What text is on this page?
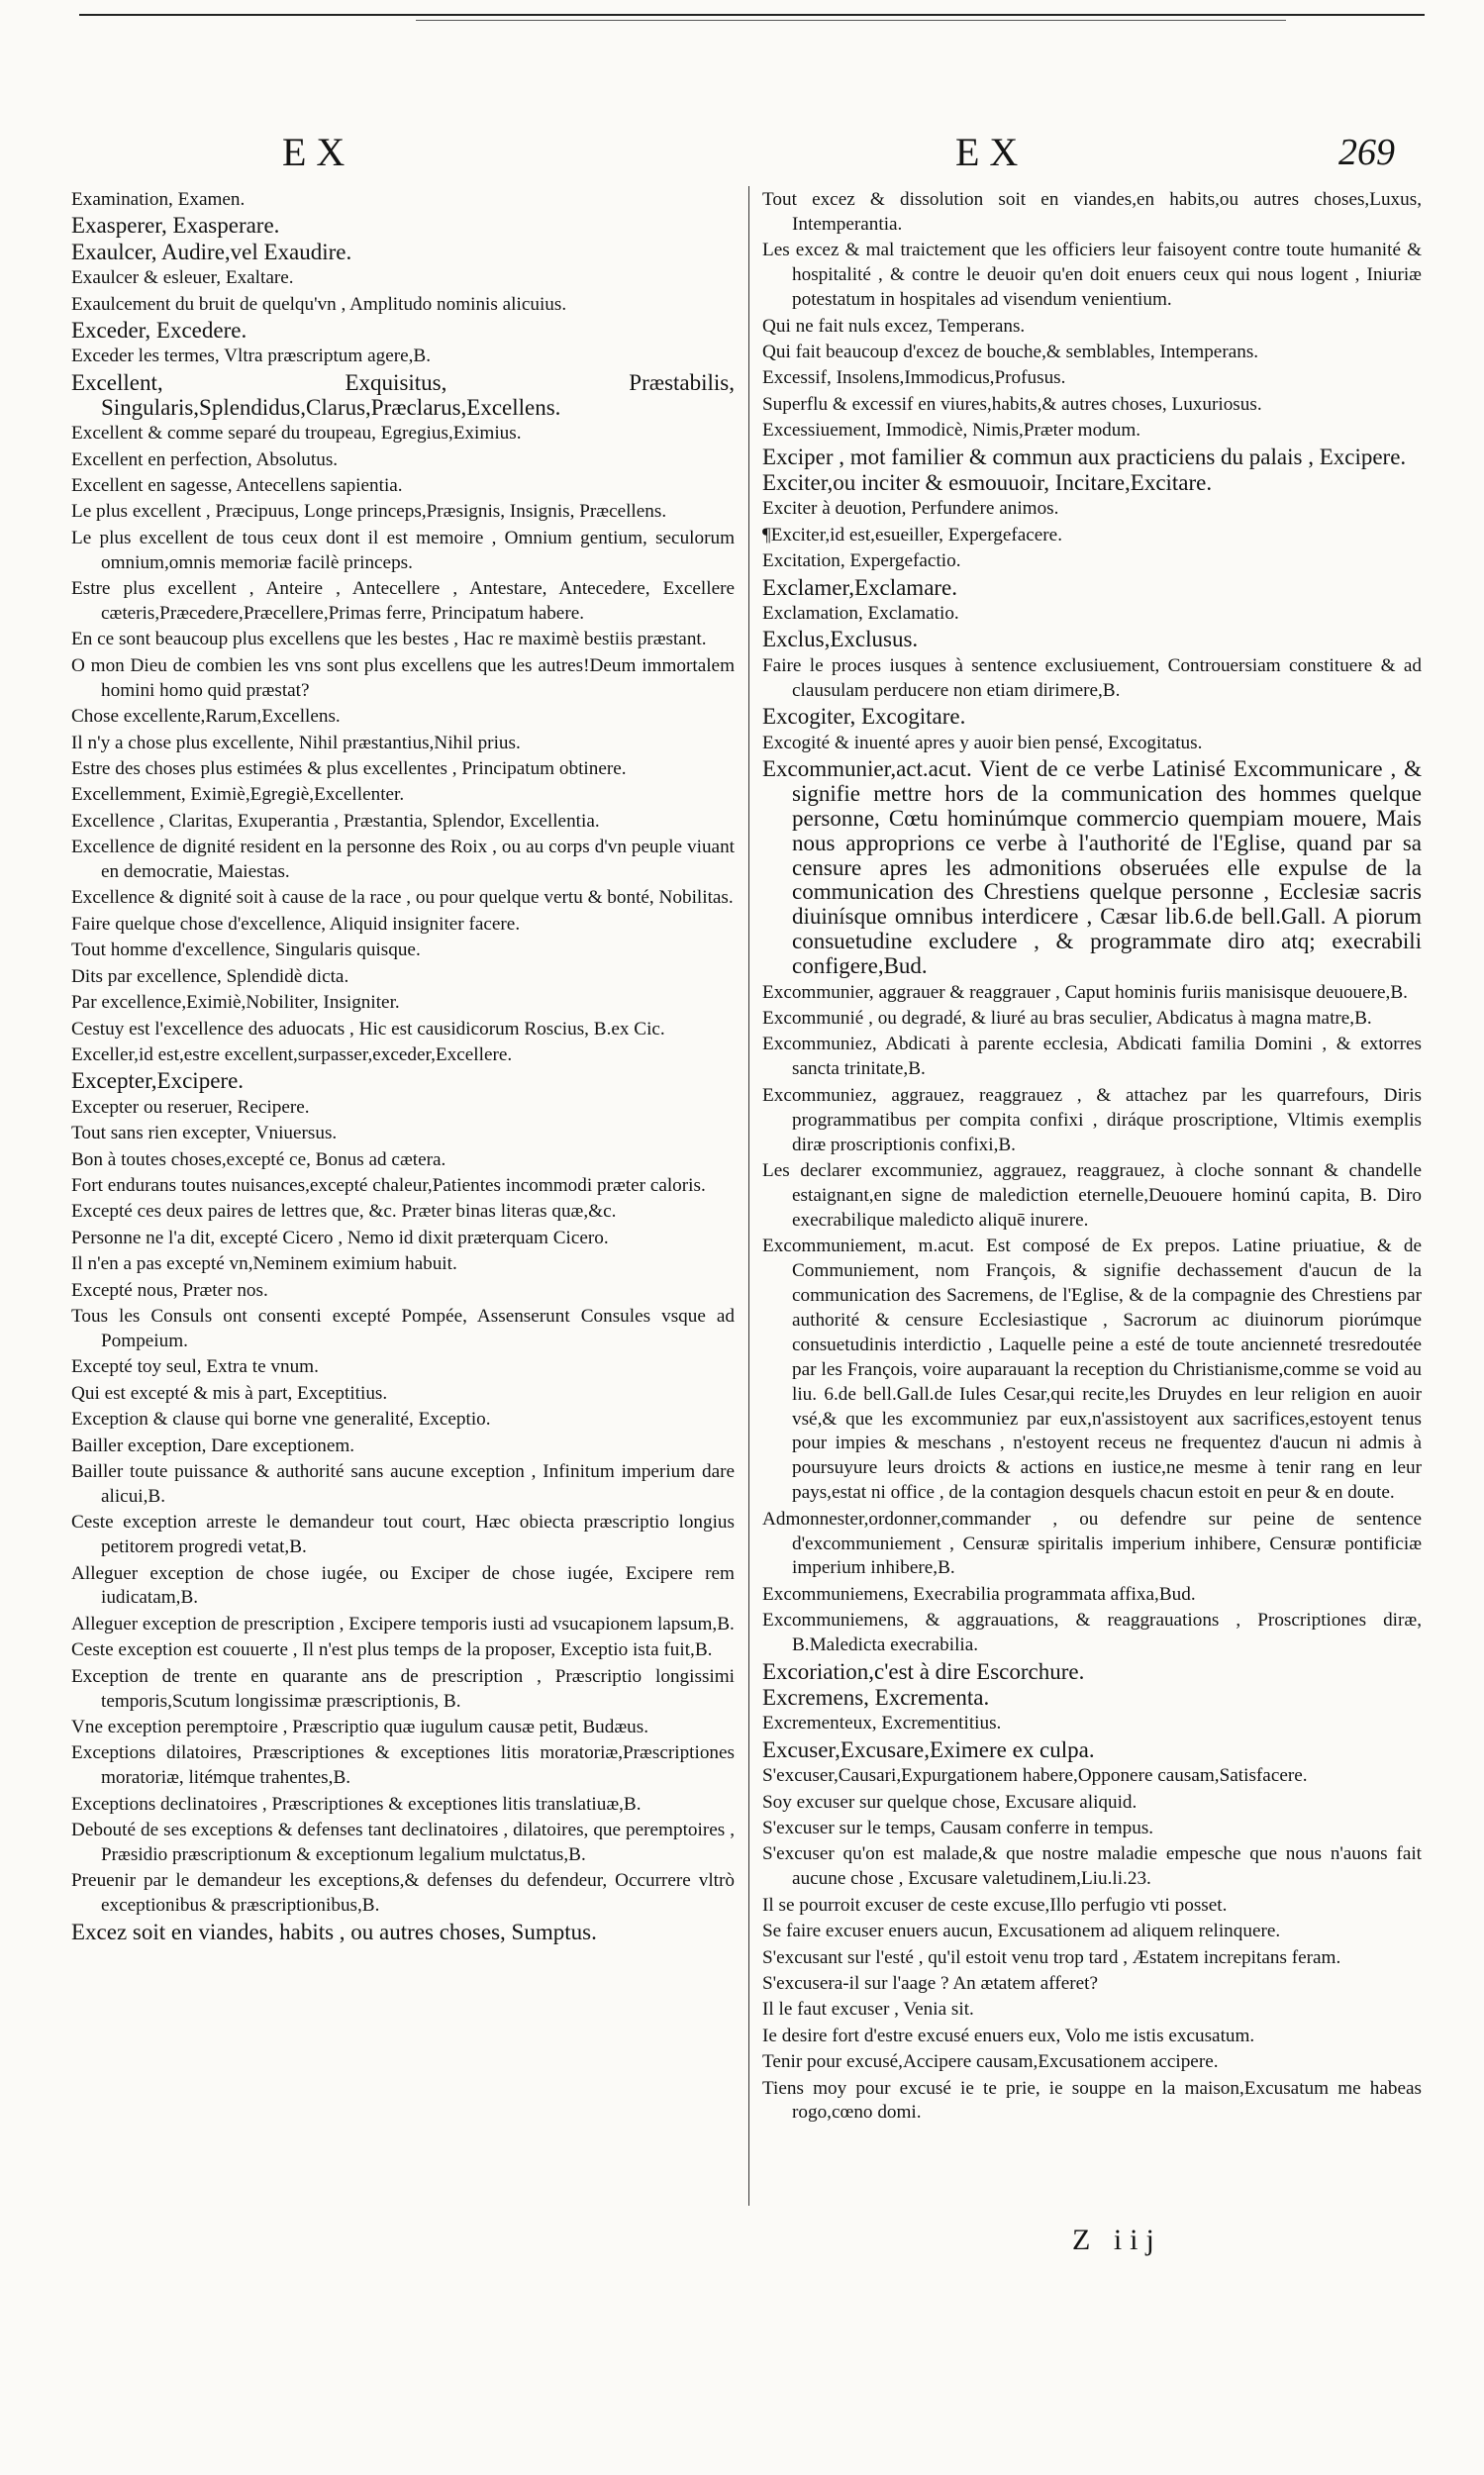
EX	EX	269

Examination, Examen.

Exasperer, Exasperare.

Exaulcer, Audire,vel Exaudire.

Exaulcer & esleuer, Exaltare.

Exaulcement du bruit de quelqu'vn , Amplitudo nominis alicuius.

Exceder, Excedere.

Exceder les termes, Vltra præscriptum agere,B.

Excellent, Exquisitus, Præstabilis, Singularis,Splendidus,Clarus,Præclarus,Excellens.

Excellent & comme separé du troupeau, Egregius,Eximius.

Excellent en perfection, Absolutus.

Excellent en sagesse, Antecellens sapientia.

Le plus excellent , Præcipuus, Longe princeps,Præsignis, Insignis, Præcellens.

Le plus excellent de tous ceux dont il est memoire , Omnium gentium, seculorum omnium,omnis memoriæ facilè princeps.

Estre plus excellent , Anteire , Antecellere , Antestare, Antecedere, Excellere cæteris,Præcedere,Præcellere,Primas ferre, Principatum habere.

En ce sont beaucoup plus excellens que les bestes , Hac re maximè bestiis præstant.

O mon Dieu de combien les vns sont plus excellens que les autres!Deum immortalem homini homo quid præstat?

Chose excellente,Rarum,Excellens.

Il n'y a chose plus excellente, Nihil præstantius,Nihil prius.

Estre des choses plus estimées & plus excellentes , Principatum obtinere.

Excellemment, Eximiè,Egregiè,Excellenter.

Excellence , Claritas, Exuperantia , Præstantia, Splendor, Excellentia.

Excellence de dignité resident en la personne des Roix , ou au corps d'vn peuple viuant en democratie, Maiestas.

Excellence & dignité soit à cause de la race , ou pour quelque vertu & bonté, Nobilitas.

Faire quelque chose d'excellence, Aliquid insigniter facere.

Tout homme d'excellence, Singularis quisque.

Dits par excellence, Splendidè dicta.

Par excellence,Eximiè,Nobiliter, Insigniter.

Cestuy est l'excellence des aduocats , Hic est causidicorum Roscius, B.ex Cic.

Exceller,id est,estre excellent,surpasser,exceder,Excellere.

Excepter,Excipere.

Excepter ou reseruer, Recipere.

Tout sans rien excepter, Vniuersus.

Bon à toutes choses,excepté ce, Bonus ad cætera.

Fort endurans toutes nuisances,excepté chaleur,Patientes incommodi præter caloris.

Excepté ces deux paires de lettres que, &c. Præter binas literas quæ,&c.

Personne ne l'a dit, excepté Cicero , Nemo id dixit præterquam Cicero.

Il n'en a pas excepté vn,Neminem eximium habuit.

Excepté nous, Præter nos.

Tous les Consuls ont consenti excepté Pompée, Assenserunt Consules vsque ad Pompeium.

Excepté toy seul, Extra te vnum.

Qui est excepté & mis à part, Exceptitius.

Exception & clause qui borne vne generalité, Exceptio.

Bailler exception, Dare exceptionem.

Bailler toute puissance & authorité sans aucune exception , Infinitum imperium dare alicui,B.

Ceste exception arreste le demandeur tout court, Hæc obiecta præscriptio longius petitorem progredi vetat,B.

Alleguer exception de chose iugée, ou Exciper de chose iugée, Excipere rem iudicatam,B.

Alleguer exception de prescription , Excipere temporis iusti ad vsucapionem lapsum,B.

Ceste exception est couuerte , Il n'est plus temps de la proposer, Exceptio ista fuit,B.

Exception de trente en quarante ans de prescription , Præscriptio longissimi temporis,Scutum longissimæ præscriptionis, B.

Vne exception peremptoire , Præscriptio quæ iugulum causæ petit, Budæus.

Exceptions dilatoires, Præscriptiones & exceptiones litis moratoriæ,Præscriptiones moratoriæ, litémque trahentes,B.

Exceptions declinatoires , Præscriptiones & exceptiones litis translatiuæ,B.

Debouté de ses exceptions & defenses tant declinatoires , dilatoires, que peremptoires , Præsidio præscriptionum & exceptionum legalium mulctatus,B.

Preuenir par le demandeur les exceptions,& defenses du defendeur, Occurrere vltrò exceptionibus & præscriptionibus,B.

Excez soit en viandes, habits , ou autres choses, Sumptus.

Tout excez & dissolution soit en viandes,en habits,ou autres choses,Luxus, Intemperantia.

Les excez & mal traictement que les officiers leur faisoyent contre toute humanité & hospitalité , & contre le deuoir qu'en doit enuers ceux qui nous logent , Iniuriæ potestatum in hospitales ad visendum venientium.

Qui ne fait nuls excez, Temperans.

Qui fait beaucoup d'excez de bouche,& semblables, Intemperans.

Excessif, Insolens,Immodicus,Profusus.

Superflu & excessif en viures,habits,& autres choses, Luxuriosus.

Excessiuement, Immodicè, Nimis,Præter modum.

Exciper , mot familier & commun aux practiciens du palais , Excipere.

Exciter,ou inciter & esmouuoir, Incitare,Excitare.

Exciter à deuotion, Perfundere animos.

¶Exciter,id est,esueiller, Expergefacere.

Excitation, Expergefactio.

Exclamer,Exclamare.

Exclamation, Exclamatio.

Exclus,Exclusus.

Faire le proces iusques à sentence exclusiuement, Controuersiam constituere & ad clausulam perducere non etiam dirimere,B.

Excogiter, Excogitare.

Excogité & inuenté apres y auoir bien pensé, Excogitatus.

Excommunier,act.acut. Vient de ce verbe Latinisé Excommunicare , & signifie mettre hors de la communication des hommes quelque personne, Cœtu hominúmque commercio quempiam mouere, Mais nous approprions ce verbe à l'authorité de l'Eglise, quand par sa censure apres les admonitions obseruées elle expulse de la communication des Chrestiens quelque personne , Ecclesiæ sacris diuinísque omnibus interdicere , Cæsar lib.6.de bell.Gall. A piorum consuetudine excludere , & programmate diro atq; execrabili configere,Bud.

Excommunier, aggrauer & reaggrauer , Caput hominis furiis manisisque deuouere,B.

Excommunié , ou degradé, & liuré au bras seculier, Abdicatus à magna matre,B.

Excommuniez, Abdicati à parente ecclesia, Abdicati familia Domini , & extorres sancta trinitate,B.

Excommuniez, aggrauez, reaggrauez , & attachez par les quarrefours, Diris programmatibus per compita confixi , diráque proscriptione, Vltimis exemplis diræ proscriptionis confixi,B.

Les declarer excommuniez, aggrauez, reaggrauez, à cloche sonnant & chandelle estaignant,en signe de malediction eternelle,Deuouere hominú capita, B. Diro execrabilique maledicto aliquē inurere.

Excommuniement, m.acut. Est composé de Ex prepos. Latine priuatiue, & de Communiement, nom François, & signifie dechassement d'aucun de la communication des Sacremens, de l'Eglise, & de la compagnie des Chrestiens par authorité & censure Ecclesiastique , Sacrorum ac diuinorum piorúmque consuetudinis interdictio , Laquelle peine a esté de toute ancienneté tresredoutée par les François, voire auparauant la reception du Christianisme,comme se void au liu. 6.de bell.Gall.de Iules Cesar,qui recite,les Druydes en leur religion en auoir vsé,& que les excommuniez par eux,n'assistoyent aux sacrifices,estoyent tenus pour impies & meschans , n'estoyent receus ne frequentez d'aucun ni admis à poursuyure leurs droicts & actions en iustice,ne mesme à tenir rang en leur pays,estat ni office , de la contagion desquels chacun estoit en peur & en doute.

Admonnester,ordonner,commander , ou defendre sur peine de sentence d'excommuniement , Censuræ spiritalis imperium inhibere, Censuræ pontificiæ imperium inhibere,B.

Excommuniemens, Execrabilia programmata affixa,Bud.

Excommuniemens, & aggrauations, & reaggrauations , Proscriptiones diræ, B.Maledicta execrabilia.

Excoriation,c'est à dire Escorchure.

Excremens, Excrementa.

Excrementeux, Excrementitius.

Excuser,Excusare,Eximere ex culpa.

S'excuser,Causari,Expurgationem habere,Opponere causam,Satisfacere.

Soy excuser sur quelque chose, Excusare aliquid.

S'excuser sur le temps, Causam conferre in tempus.

S'excuser qu'on est malade,& que nostre maladie empesche que nous n'auons fait aucune chose , Excusare valetudinem,Liu.li.23.

Il se pourroit excuser de ceste excuse,Illo perfugio vti posset.

Se faire excuser enuers aucun, Excusationem ad aliquem relinquere.

S'excusant sur l'esté , qu'il estoit venu trop tard , Æstatem increpitans feram.

S'excusera-il sur l'aage ? An ætatem afferet?

Il le faut excuser , Venia sit.

Ie desire fort d'estre excusé enuers eux, Volo me istis excusatum.

Tenir pour excusé,Accipere causam,Excusationem accipere.

Tiens moy pour excusé ie te prie, ie souppe en la maison,Excusatum me habeas rogo,cœno domi.

Z iij
